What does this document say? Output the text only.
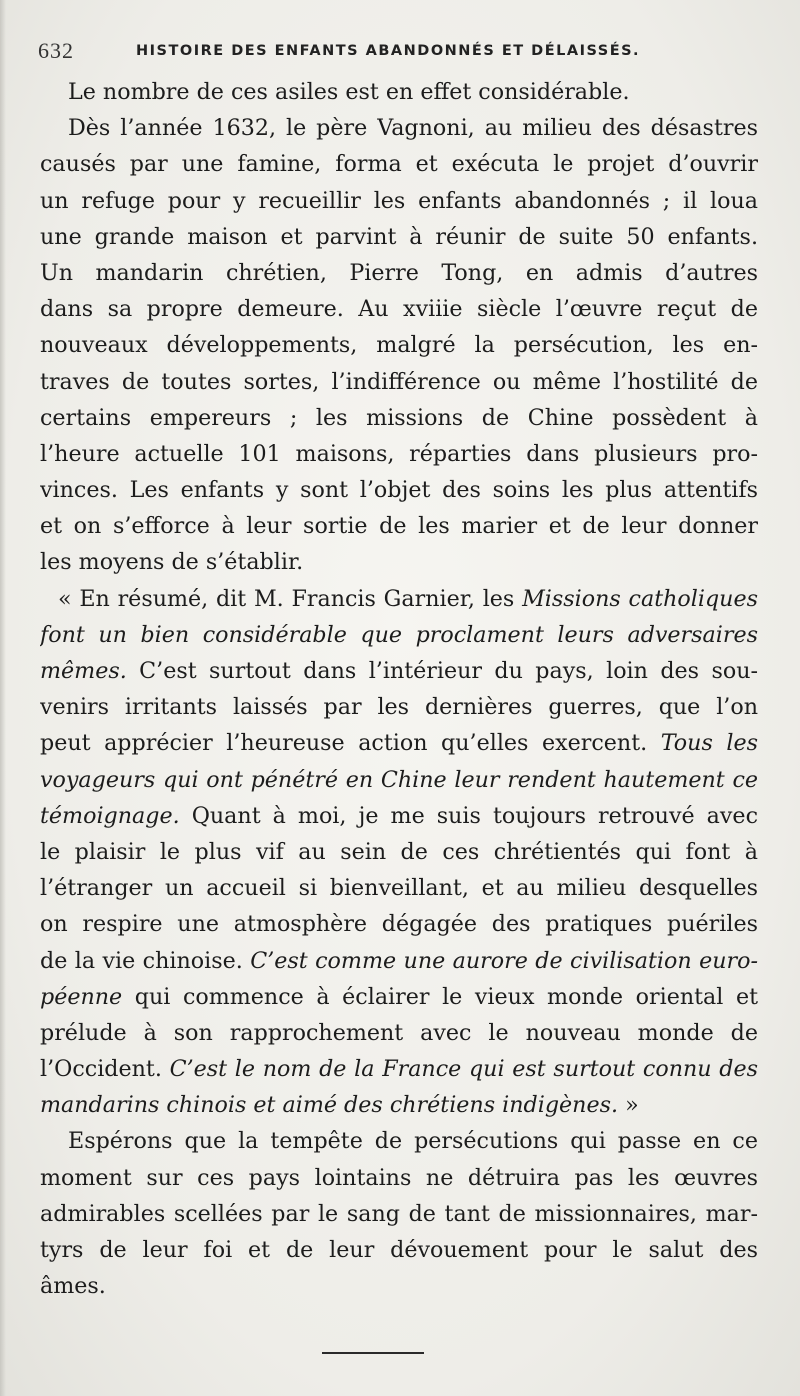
632	HISTOIRE DES ENFANTS ABANDONNÉS ET DÉLAISSÉS.
Le nombre de ces asiles est en effet considérable.
Dès l’année 1632, le père Vagnoni, au milieu des désastres
causés par une famine, forma et exécuta le projet d’ouvrir
un refuge pour y recueillir les enfants abandonnés ; il loua
une grande maison et parvint à réunir de suite 50 enfants.
Un mandarin chrétien, Pierre Tong, en admis d’autres
dans sa propre demeure. Au xviiie siècle l’œuvre reçut de
nouveaux développements, malgré la persécution, les en-
traves de toutes sortes, l’indifférence ou même l’hostilité de
certains empereurs ; les missions de Chine possèdent à
l’heure actuelle 101 maisons, réparties dans plusieurs pro-
vinces. Les enfants y sont l’objet des soins les plus attentifs
et on s’efforce à leur sortie de les marier et de leur donner
les moyens de s’établir.
« En résumé, dit M. Francis Garnier, les Missions catholiques
font un bien considérable que proclament leurs adversaires
mêmes. C’est surtout dans l’intérieur du pays, loin des sou-
venirs irritants laissés par les dernières guerres, que l’on
peut apprécier l’heureuse action qu’elles exercent. Tous les
voyageurs qui ont pénétré en Chine leur rendent hautement ce
témoignage. Quant à moi, je me suis toujours retrouvé avec
le plaisir le plus vif au sein de ces chrétientés qui font à
l’étranger un accueil si bienveillant, et au milieu desquelles
on respire une atmosphère dégagée des pratiques puériles
de la vie chinoise. C’est comme une aurore de civilisation euro-
péenne qui commence à éclairer le vieux monde oriental et
prélude à son rapprochement avec le nouveau monde de
l’Occident. C’est le nom de la France qui est surtout connu des
mandarins chinois et aimé des chrétiens indigènes. »
Espérons que la tempête de persécutions qui passe en ce
moment sur ces pays lointains ne détruira pas les œuvres
admirables scellées par le sang de tant de missionnaires, mar-
tyrs de leur foi et de leur dévouement pour le salut des
âmes.
